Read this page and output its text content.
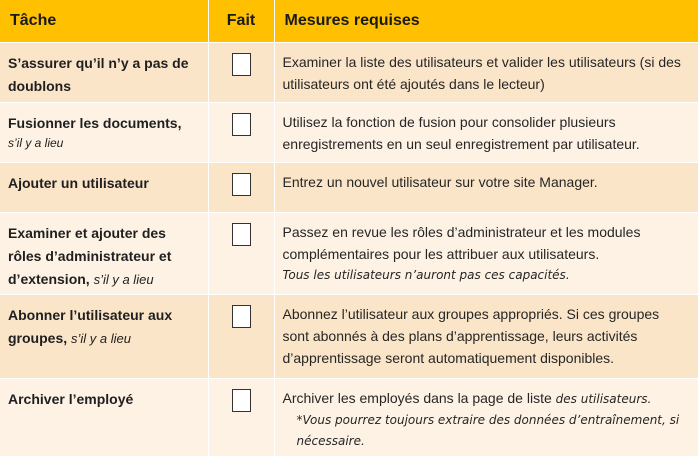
Tâche	Fait	Mesures requises
S’assurer qu’il n’y a pas de doublons		Examiner la liste des utilisateurs et valider les utilisateurs (si des utilisateurs ont été ajoutés dans le lecteur)
Fusionner les documents,
s’il y a lieu		Utilisez la fonction de fusion pour consolider plusieurs enregistrements en un seul enregistrement par utilisateur.
Ajouter un utilisateur		Entrez un nouvel utilisateur sur votre site Manager.
Examiner et ajouter des rôles d’administrateur et d’extension, s’il y a lieu		Passez en revue les rôles d’administrateur et les modules complémentaires pour les attribuer aux utilisateurs.
Tous les utilisateurs n’auront pas ces capacités.

Abonner l’utilisateur aux groupes, s’il y a lieu		Abonnez l’utilisateur aux groupes appropriés. Si ces groupes sont abonnés à des plans d’apprentissage, leurs activités d’apprentissage seront automatiquement disponibles.
Archiver l’employé		Archiver les employés dans la page de liste des utilisateurs.
*Vous pourrez toujours extraire des données d’entraînement, si nécessaire.
